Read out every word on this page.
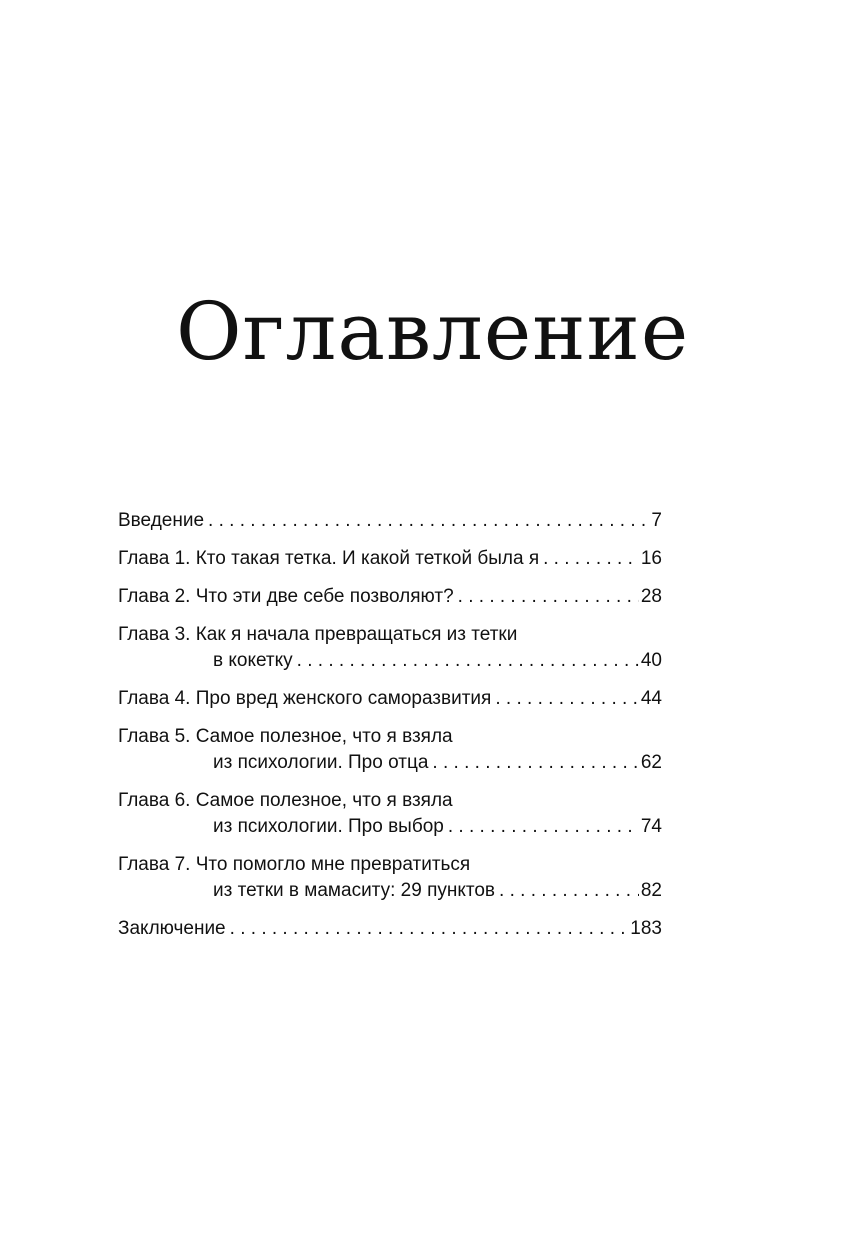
Оглавление
Введение . . .	7
Глава 1. Кто такая тетка. И какой теткой была я . . .	16
Глава 2. Что эти две себе позволяют? . . .	28
Глава 3. Как я начала превращаться из тетки
в кокетку . . .	40
Глава 4. Про вред женского саморазвития . . .	44
Глава 5. Самое полезное, что я взяла
из психологии. Про отца . . .	62
Глава 6. Самое полезное, что я взяла
из психологии. Про выбор . . .	74
Глава 7. Что помогло мне превратиться
из тетки в мамаситу: 29 пунктов . . .	82
Заключение . . .	183
